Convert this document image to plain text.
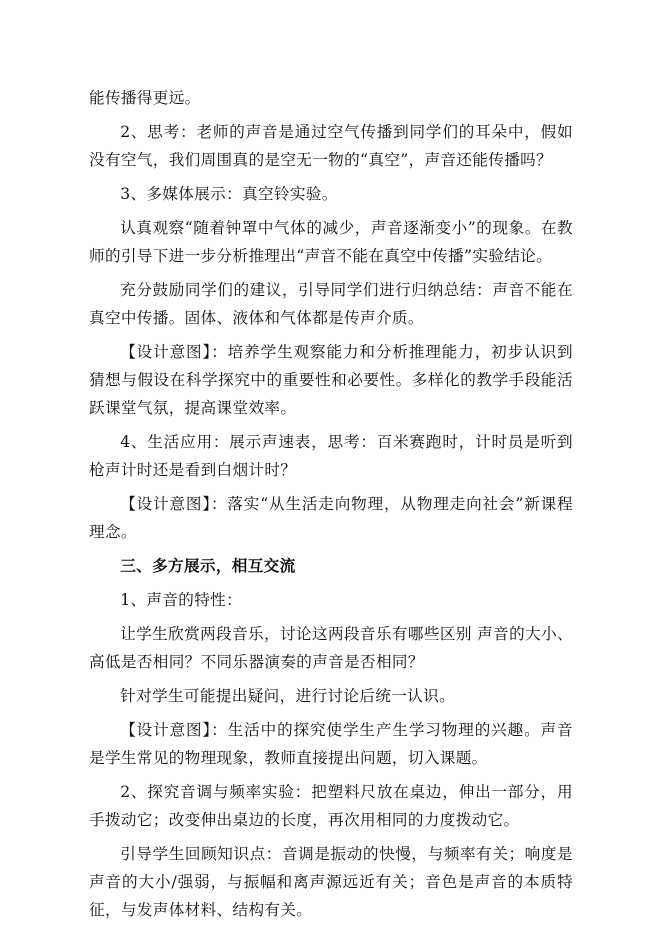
能传播得更远。

2、思考：老师的声音是通过空气传播到同学们的耳朵中，假如没有空气，我们周围真的是空无一物的“真空”，声音还能传播吗？

3、多媒体展示：真空铃实验。

认真观察“随着钟罩中气体的减少，声音逐渐变小”的现象。在教师的引导下进一步分析推理出“声音不能在真空中传播”实验结论。

充分鼓励同学们的建议，引导同学们进行归纳总结：声音不能在真空中传播。固体、液体和气体都是传声介质。

【设计意图】：培养学生观察能力和分析推理能力，初步认识到猜想与假设在科学探究中的重要性和必要性。多样化的教学手段能活跃课堂气氛，提高课堂效率。

4、生活应用：展示声速表，思考：百米赛跑时，计时员是听到枪声计时还是看到白烟计时？

【设计意图】：落实“从生活走向物理，从物理走向社会”新课程理念。

三、多方展示，相互交流

1、声音的特性：

让学生欣赏两段音乐，讨论这两段音乐有哪些区别 声音的大小、高低是否相同？不同乐器演奏的声音是否相同？

针对学生可能提出疑问，进行讨论后统一认识。

【设计意图】：生活中的探究使学生产生学习物理的兴趣。声音是学生常见的物理现象，教师直接提出问题，切入课题。

2、探究音调与频率实验：把塑料尺放在桌边，伸出一部分，用手拨动它；改变伸出桌边的长度，再次用相同的力度拨动它。

引导学生回顾知识点：音调是振动的快慢，与频率有关；响度是声音的大小/强弱，与振幅和离声源远近有关；音色是声音的本质特征，与发声体材料、结构有关。
